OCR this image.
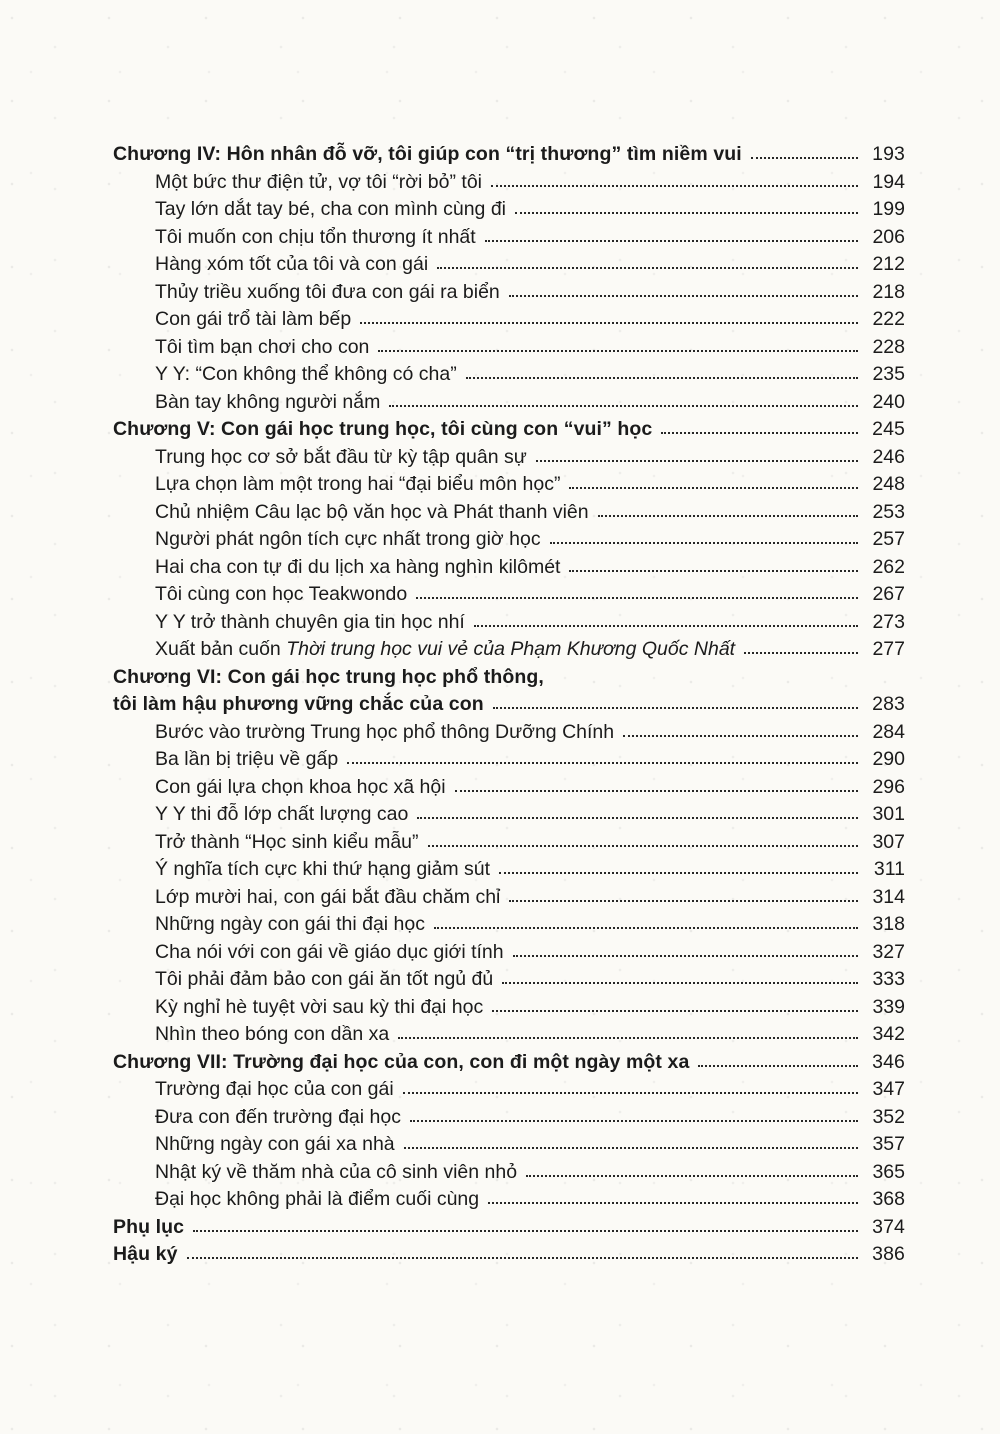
Chương IV: Hôn nhân đỗ vỡ, tôi giúp con “trị thương” tìm niềm vui	193
Một bức thư điện tử, vợ tôi “rời bỏ” tôi	194
Tay lớn dắt tay bé, cha con mình cùng đi	199
Tôi muốn con chịu tổn thương ít nhất	206
Hàng xóm tốt của tôi và con gái	212
Thủy triều xuống tôi đưa con gái ra biển	218
Con gái trổ tài làm bếp	222
Tôi tìm bạn chơi cho con	228
Y Y: “Con không thể không có cha”	235
Bàn tay không người nắm	240
Chương V: Con gái học trung học, tôi cùng con “vui” học	245
Trung học cơ sở bắt đầu từ kỳ tập quân sự	246
Lựa chọn làm một trong hai “đại biểu môn học”	248
Chủ nhiệm Câu lạc bộ văn học và Phát thanh viên	253
Người phát ngôn tích cực nhất trong giờ học	257
Hai cha con tự đi du lịch xa hàng nghìn kilômét	262
Tôi cùng con học Teakwondo	267
Y Y trở thành chuyên gia tin học nhí	273
Xuất bản cuốn Thời trung học vui vẻ của Phạm Khương Quốc Nhất	277
Chương VI: Con gái học trung học phổ thông,
tôi làm hậu phương vững chắc của con	283
Bước vào trường Trung học phổ thông Dưỡng Chính	284
Ba lần bị triệu về gấp	290
Con gái lựa chọn khoa học xã hội	296
Y Y thi đỗ lớp chất lượng cao	301
Trở thành “Học sinh kiểu mẫu”	307
Ý nghĩa tích cực khi thứ hạng giảm sút	311
Lớp mười hai, con gái bắt đầu chăm chỉ	314
Những ngày con gái thi đại học	318
Cha nói với con gái về giáo dục giới tính	327
Tôi phải đảm bảo con gái ăn tốt ngủ đủ	333
Kỳ nghỉ hè tuyệt vời sau kỳ thi đại học	339
Nhìn theo bóng con dần xa	342
Chương VII: Trường đại học của con, con đi một ngày một xa	346
Trường đại học của con gái	347
Đưa con đến trường đại học	352
Những ngày con gái xa nhà	357
Nhật ký về thăm nhà của cô sinh viên nhỏ	365
Đại học không phải là điểm cuối cùng	368
Phụ lục	374
Hậu ký	386
